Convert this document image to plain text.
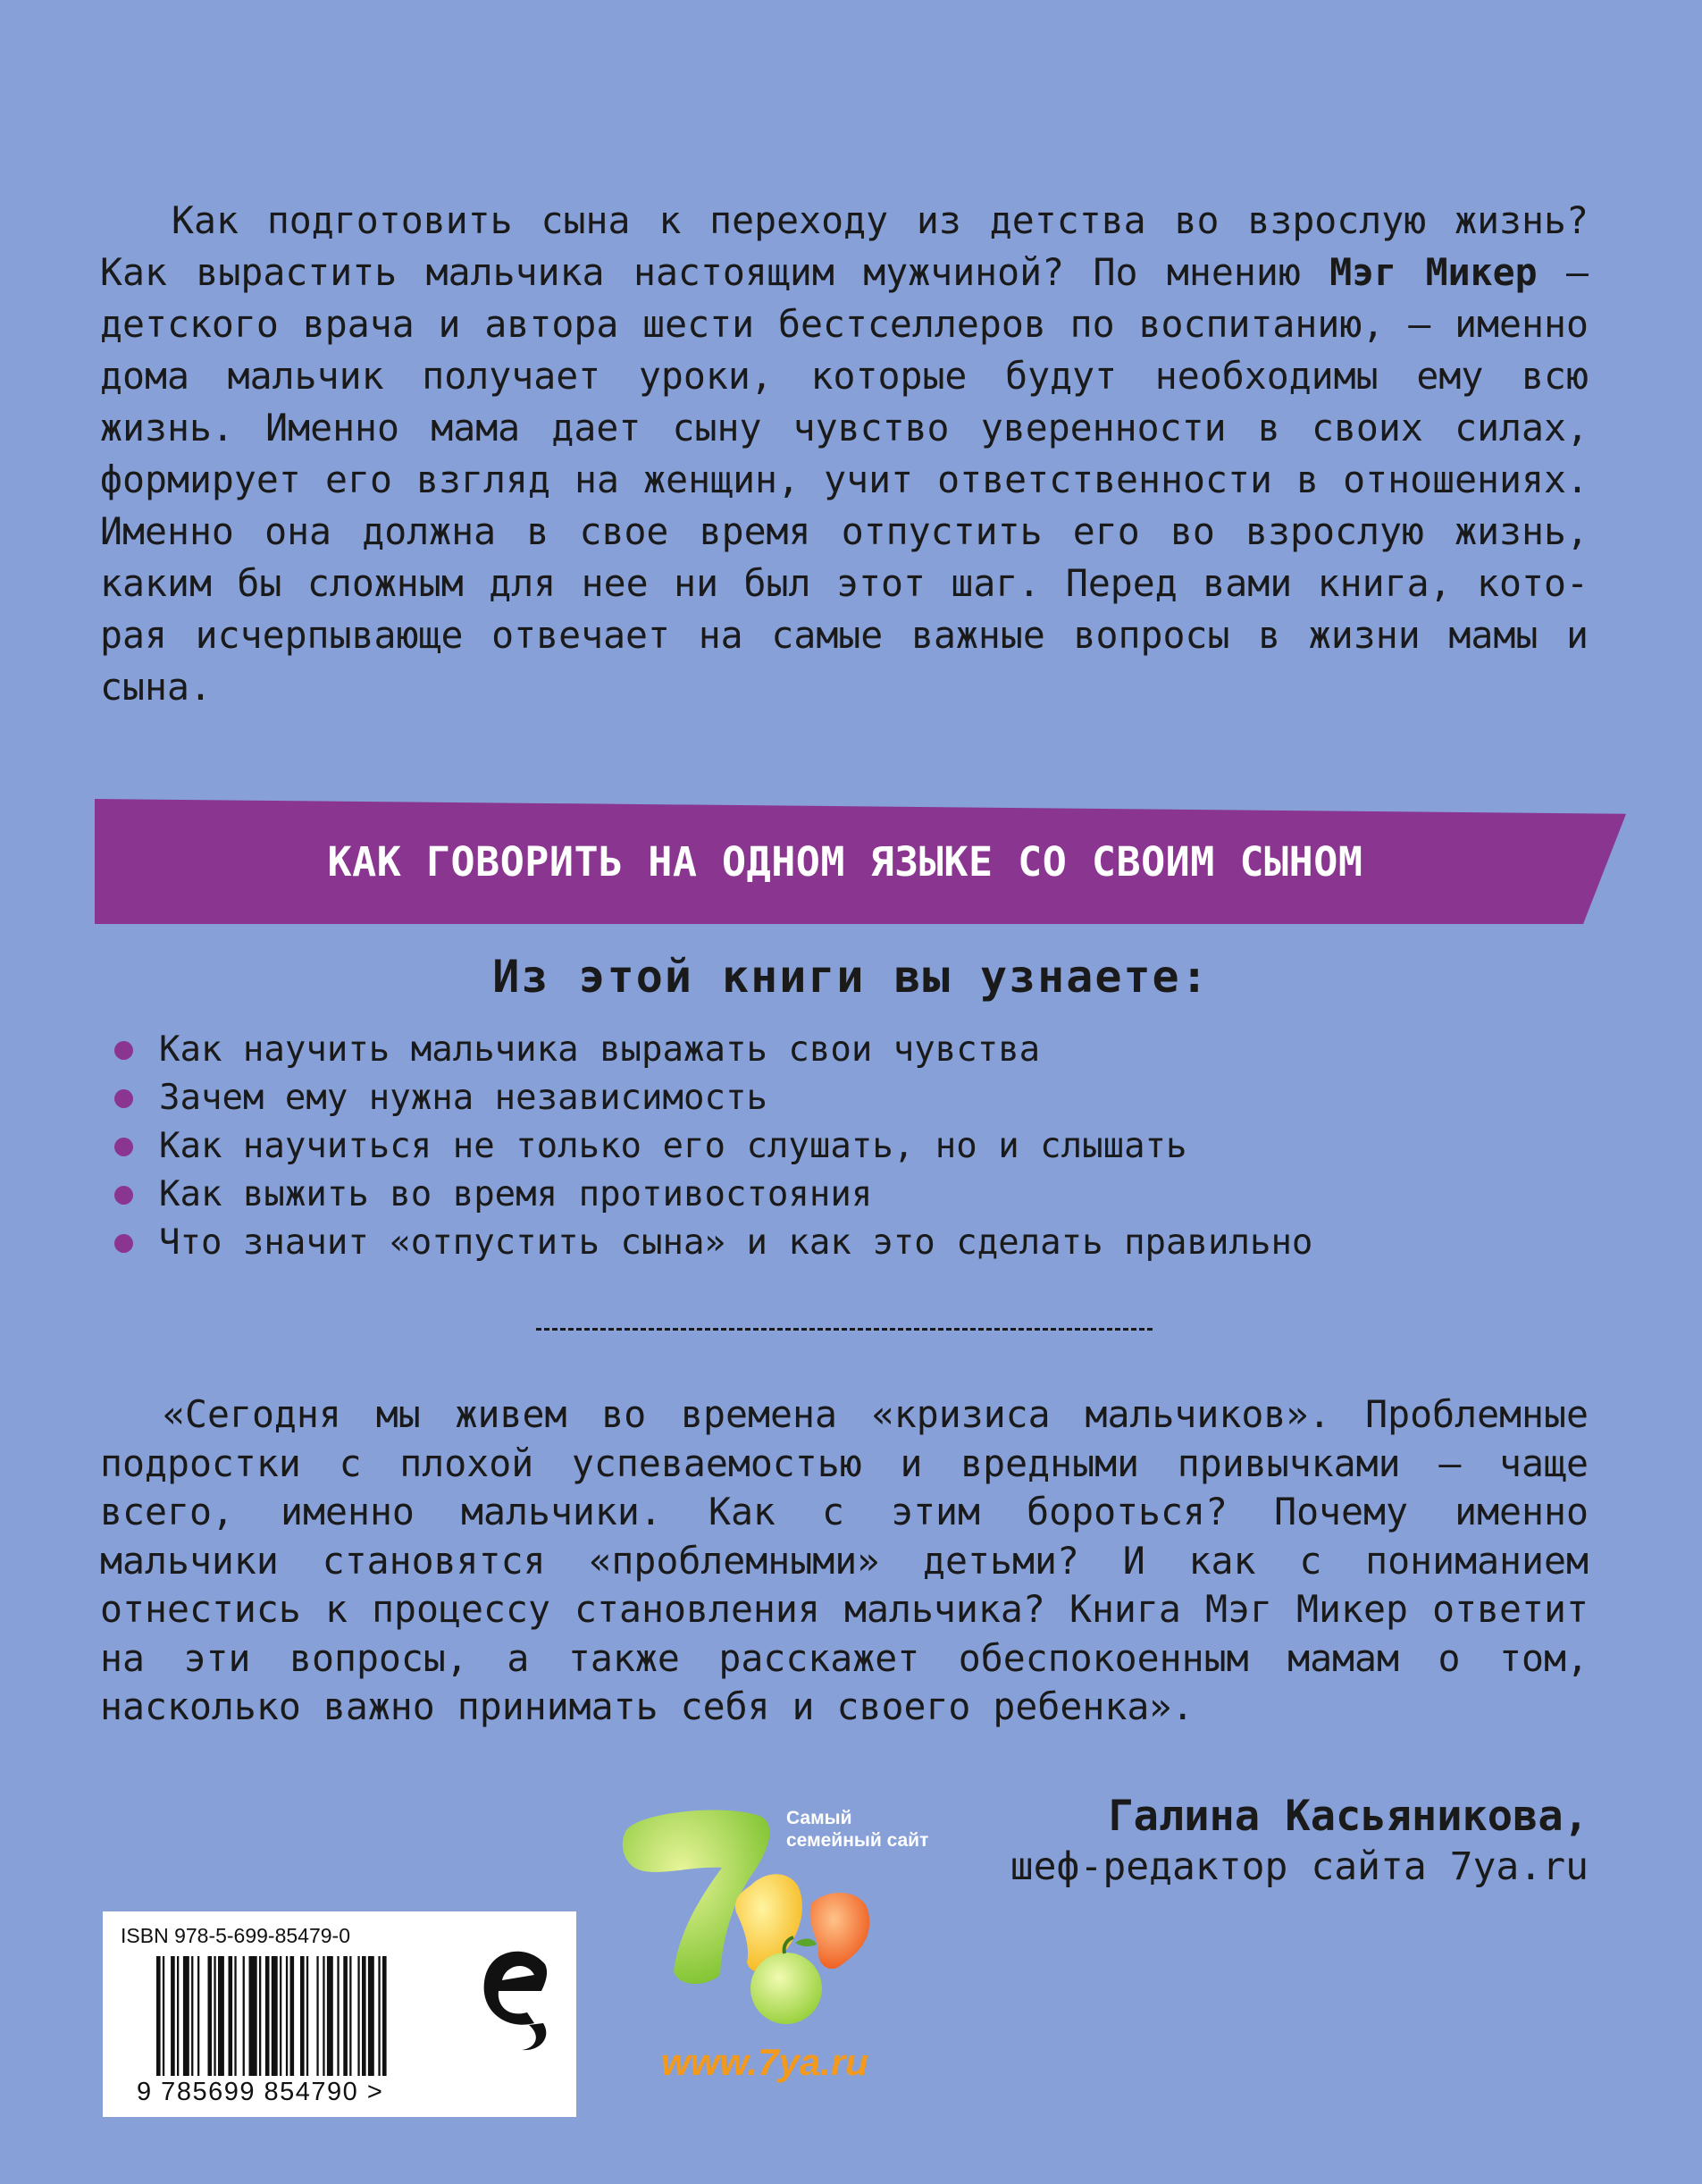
Как подготовить сына к переходу из детства во взрослую жизнь? Как вырастить мальчика настоящим мужчиной? По мнению Мэг Микер — детского врача и автора шести бестселлеров по воспитанию, — именно дома мальчик получает уроки, которые будут необходимы ему всю жизнь. Именно мама дает сыну чувство уверенности в своих силах, формирует его взгляд на женщин, учит ответственности в отношениях. Именно она должна в свое время отпустить его во взрослую жизнь, каким бы сложным для нее ни был этот шаг. Перед вами книга, которая исчерпывающе отвечает на самые важные вопросы в жизни мамы и сына.

КАК ГОВОРИТЬ НА ОДНОМ ЯЗЫКЕ СО СВОИМ СЫНОМ
Из этой книги вы узнаете:
Как научить мальчика выражать свои чувства
Зачем ему нужна независимость
Как научиться не только его слушать, но и слышать
Как выжить во время противостояния
Что значит «отпустить сына» и как это сделать правильно

«Сегодня мы живем во времена «кризиса мальчиков». Проблемные подростки с плохой успеваемостью и вредными привычками — чаще всего, именно мальчики. Как с этим бороться? Почему именно мальчики становятся «проблемными» детьми? И как с пониманием отнестись к процессу становления мальчика? Книга Мэг Микер ответит на эти вопросы, а также расскажет обеспокоенным мамам о том, насколько важно принимать себя и своего ребенка».

Галина Касьяникова,
шеф-редактор сайта 7ya.ru
ISBN 978-5-699-85479-0
9 785699 854790 >
Самый семейный сайт
www.7ya.ru
